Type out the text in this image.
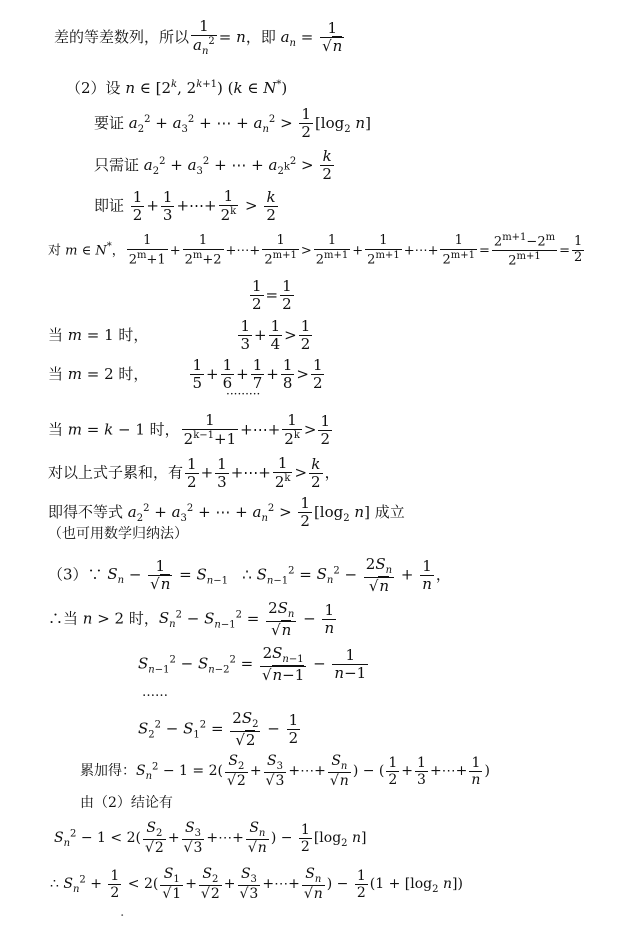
差的等差数列，所以 $\frac{1}{a_n^2} = n$，即 $a_n = \frac{1}{√n}$
（2）设 n ∈ [2$^k$, $2^{k+1}$) (k ∈ N*)
要证 $a_2^2 + a_3^2$ + ⋯ + $a_n^2 > \frac{1}{2} [\log_2$ n]
只需证 $a_2^2 + a_3^2$ + ⋯ + $a_{2^k}^2 > \frac{k}{2}$
即证 $\frac{1}{2} + \frac{1}{3}$ +⋯+ $\frac{1}{2^k} > \frac{k}{2}$
对 m ∈ N*， $\frac{1}{2^m+1} + \frac{1}{2^m+2}$ +⋯+ $\frac{1}{2^{m+1}} > \frac{1}{2^{m+1}} + \frac{1}{2^{m+1}}$ +⋯+ $\frac{1}{2^{m+1}} = \frac{2^{m+1}-2^m}{2^{m+1}} = \frac{1}{2}$
$\frac{1}{2} = \frac{1}{2}$
当 m = 1 时，	$\frac{1}{3} + \frac{1}{4} > \frac{1}{2}$
当 m = 2 时，	$\frac{1}{5} + \frac{1}{6} + \frac{1}{7} + \frac{1}{8} > \frac{1}{2}$
·········
当 m = k − 1 时， $\frac{1}{2^{k-1}+1}$ +⋯+ $\frac{1}{2^k} > \frac{1}{2}$
对以上式子累和，有 $\frac{1}{2} + \frac{1}{3}$ +⋯+ $\frac{1}{2^k} > \frac{k}{2}$ ，
即得不等式 $a_2^2 + a_3^2$ + ⋯ + $a_n^2 > \frac{1}{2} [\log_2$ n] 成立
（也可用数学归纳法）
（3）∵ $S_n - \frac{1}{√n} = S_{n-1}$   ∴ $S_{n-1}^2 = S_n^2 - \frac{2S_n}{√n} + \frac{1}{n}$ ，
∴当 n > 2 时，$S_n^2 - S_{n-1}^2 = \frac{2S_n}{√n} - \frac{1}{n}$
$S_{n-1}^2 - S_{n-2}^2 = \frac{2S_{n-1}}{√n-1} - \frac{1}{n-1}$
……
$S_2^2 - S_1^2 = \frac{2S_2}{√2} - \frac{1}{2}$
累加得：$S_n^2 - 1 = 2( \frac{S_2}{√2} + \frac{S_3}{√3}$ +⋯+ $\frac{S_n}{√n}$ ) − ( $\frac{1}{2} + \frac{1}{3}$ +⋯+ $\frac{1}{n}$ )
由（2）结论有
$S_n^2 - 1 < 2( \frac{S_2}{√2} + \frac{S_3}{√3}$ +⋯+ $\frac{S_n}{√n}$ ) − $\frac{1}{2} [\log_2$ n]
∴ $S_n^2 + \frac{1}{2} < 2( \frac{S_1}{√1} + \frac{S_2}{√2} + \frac{S_3}{√3}$ +⋯+ $\frac{S_n}{√n}$ ) − $\frac{1}{2} (1 + [\log_2$ n])
·
